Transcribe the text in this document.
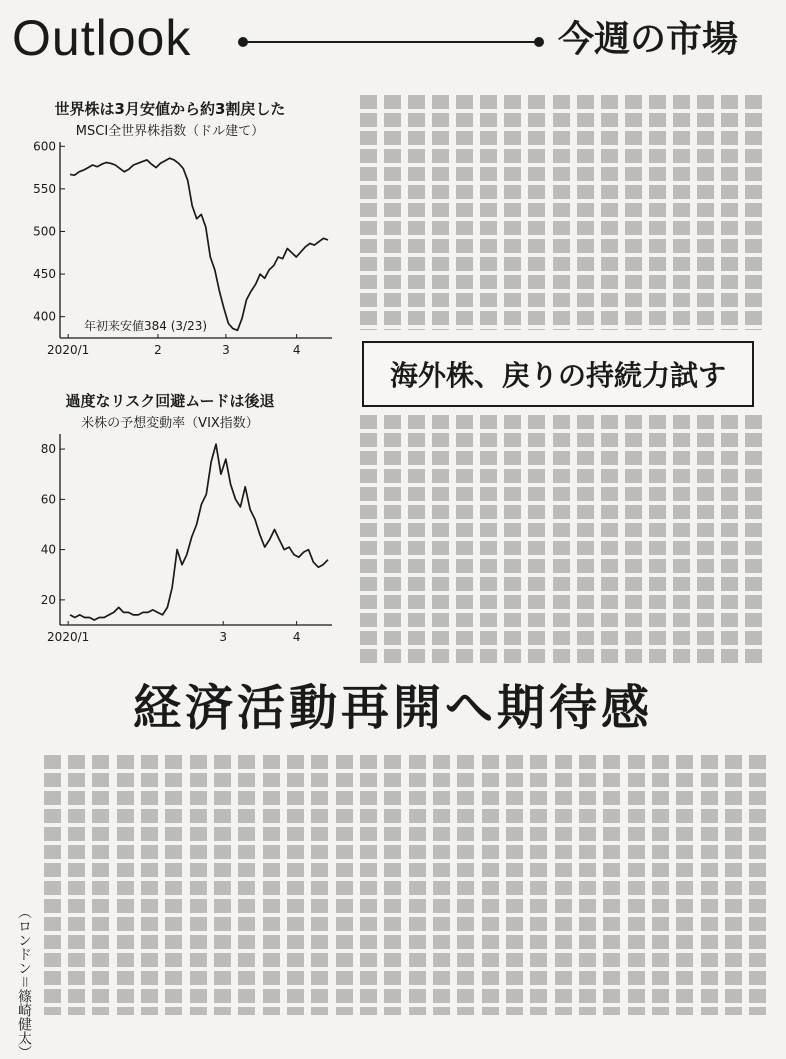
Outlook	今週の市場
世界株は3月安値から約3割戻した
MSCI全世界株指数（ドル建て）
400
450
500
550
600
2020/1	2	3	4
年初来安値384 (3/23)
過度なリスク回避ムードは後退
米株の予想変動率（VIX指数）
20
40
60
80
2020/1	3	4
海外株、戻りの持続力試す
経済活動再開へ期待感
（ロンドン＝篠崎健太）
